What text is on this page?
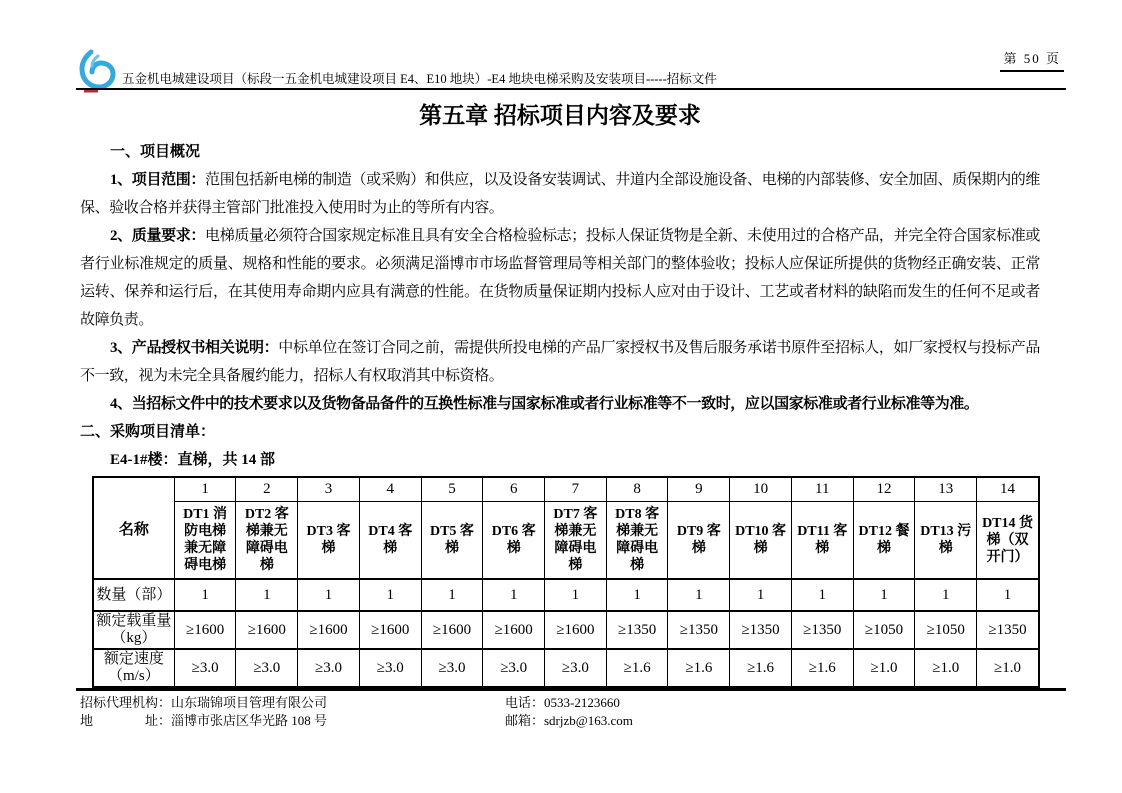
第 50 页
五金机电城建设项目（标段一五金机电城建设项目 E4、E10 地块）-E4 地块电梯采购及安装项目-----招标文件
第五章 招标项目内容及要求
一、项目概况

1、项目范围：范围包括新电梯的制造（或采购）和供应，以及设备安装调试、井道内全部设施设备、电梯的内部装修、安全加固、质保期内的维保、验收合格并获得主管部门批准投入使用时为止的等所有内容。

2、质量要求：电梯质量必须符合国家规定标准且具有安全合格检验标志；投标人保证货物是全新、未使用过的合格产品，并完全符合国家标准或者行业标准规定的质量、规格和性能的要求。必须满足淄博市市场监督管理局等相关部门的整体验收；投标人应保证所提供的货物经正确安装、正常运转、保养和运行后，在其使用寿命期内应具有满意的性能。在货物质量保证期内投标人应对由于设计、工艺或者材料的缺陷而发生的任何不足或者故障负责。

3、产品授权书相关说明：中标单位在签订合同之前，需提供所投电梯的产品厂家授权书及售后服务承诺书原件至招标人，如厂家授权与投标产品不一致，视为未完全具备履约能力，招标人有权取消其中标资格。

4、当招标文件中的技术要求以及货物备品备件的互换性标准与国家标准或者行业标准等不一致时，应以国家标准或者行业标准等为准。

二、采购项目清单：

E4-1#楼：直梯，共 14 部

名称	1	2	3	4	5	6	7	8	9	10	11	12	13	14
	DT1 消防电梯兼无障碍电梯	DT2 客梯兼无障碍电梯	DT3 客梯	DT4 客梯	DT5 客梯	DT6 客梯	DT7 客梯兼无障碍电梯	DT8 客梯兼无障碍电梯	DT9 客梯	DT10 客梯	DT11 客梯	DT12 餐梯	DT13 污梯	DT14 货梯（双开门）
数量（部）	1	1	1	1	1	1	1	1	1	1	1	1	1	1
额定载重量（kg）	≥1600	≥1600	≥1600	≥1600	≥1600	≥1600	≥1600	≥1350	≥1350	≥1350	≥1350	≥1050	≥1050	≥1350
额定速度（m/s）	≥3.0	≥3.0	≥3.0	≥3.0	≥3.0	≥3.0	≥3.0	≥1.6	≥1.6	≥1.6	≥1.6	≥1.0	≥1.0	≥1.0
招标代理机构：山东瑞锦项目管理有限公司
地　　　　址：淄博市张店区华光路 108 号
电话：0533-2123660
邮箱：sdrjzb@163.com
